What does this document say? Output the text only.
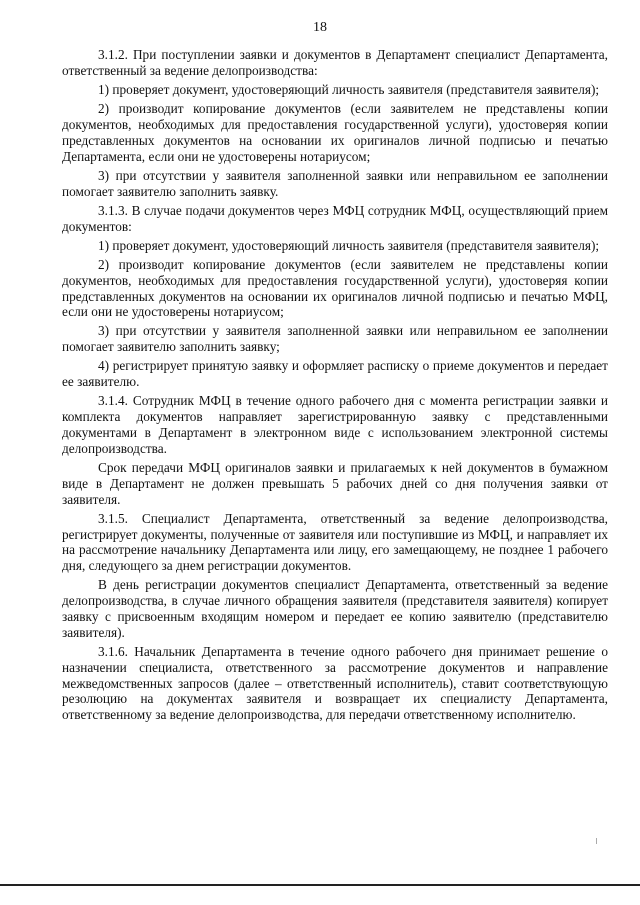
18

3.1.2. При поступлении заявки и документов в Департамент специалист Департамента, ответственный за ведение делопроизводства:

1) проверяет документ, удостоверяющий личность заявителя (представителя заявителя);

2) производит копирование документов (если заявителем не представлены копии документов, необходимых для предоставления государственной услуги), удостоверяя копии представленных документов на основании их оригиналов личной подписью и печатью Департамента, если они не удостоверены нотариусом;

3) при отсутствии у заявителя заполненной заявки или неправильном ее заполнении помогает заявителю заполнить заявку.

3.1.3. В случае подачи документов через МФЦ сотрудник МФЦ, осуществляющий прием документов:

1) проверяет документ, удостоверяющий личность заявителя (представителя заявителя);

2) производит копирование документов (если заявителем не представлены копии документов, необходимых для предоставления государственной услуги), удостоверяя копии представленных документов на основании их оригиналов личной подписью и печатью МФЦ, если они не удостоверены нотариусом;

3) при отсутствии у заявителя заполненной заявки или неправильном ее заполнении помогает заявителю заполнить заявку;

4) регистрирует принятую заявку и оформляет расписку о приеме документов и передает ее заявителю.

3.1.4. Сотрудник МФЦ в течение одного рабочего дня с момента регистрации заявки и комплекта документов направляет зарегистрированную заявку с представленными документами в Департамент в электронном виде с использованием электронной системы делопроизводства.

Срок передачи МФЦ оригиналов заявки и прилагаемых к ней документов в бумажном виде в Департамент не должен превышать 5 рабочих дней со дня получения заявки от заявителя.

3.1.5. Специалист Департамента, ответственный за ведение делопроизводства, регистрирует документы, полученные от заявителя или поступившие из МФЦ, и направляет их на рассмотрение начальнику Департамента или лицу, его замещающему, не позднее 1 рабочего дня, следующего за днем регистрации документов.

В день регистрации документов специалист Департамента, ответственный за ведение делопроизводства, в случае личного обращения заявителя (представителя заявителя) копирует заявку с присвоенным входящим номером и передает ее копию заявителю (представителю заявителя).

3.1.6. Начальник Департамента в течение одного рабочего дня принимает решение о назначении специалиста, ответственного за рассмотрение документов и направление межведомственных запросов (далее – ответственный исполнитель), ставит соответствующую резолюцию на документах заявителя и возвращает их специалисту Департамента, ответственному за ведение делопроизводства, для передачи ответственному исполнителю.
